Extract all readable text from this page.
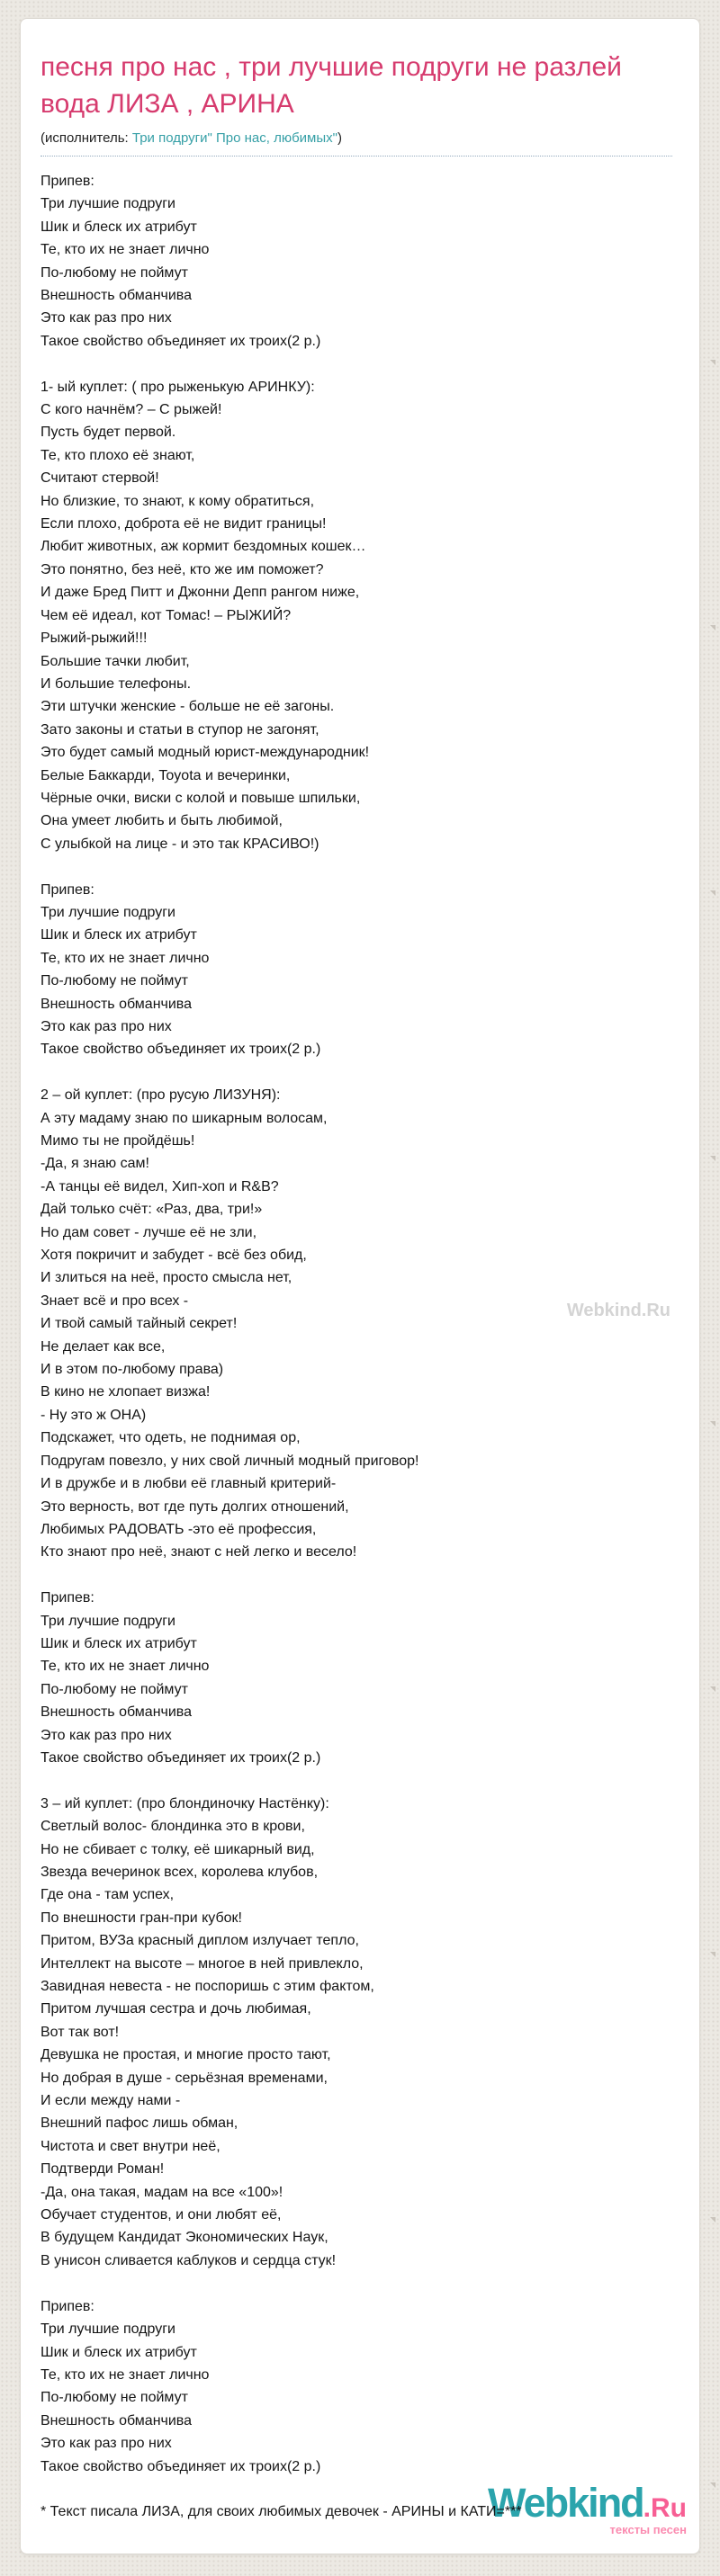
песня про нас , три лучшие подруги не разлей вода ЛИЗА , АРИНА
(исполнитель: Три подруги" Про нас, любимых")
Припев:
Три лучшие подруги
Шик и блеск их атрибут
Те, кто их не знает лично
По-любому не поймут
Внешность обманчива
Это как раз про них
Такое свойство объединяет их троих(2 р.)
1- ый куплет: ( про рыженькую АРИНКУ):
С кого начнём? – С рыжей!
Пусть будет первой.
Те, кто плохо её знают,
Считают стервой!
Но близкие, то знают, к кому обратиться,
Если плохо, доброта её не видит границы!
Любит животных, аж кормит бездомных кошек…
Это понятно, без неё, кто же им поможет?
И даже Бред Питт и Джонни Депп рангом ниже,
Чем её идеал, кот Томас! – РЫЖИЙ?
Рыжий-рыжий!!!
Большие тачки любит,
И большие телефоны.
Эти штучки женские - больше не её загоны.
Зато законы и статьи в ступор не загонят,
Это будет самый модный юрист-международник!
Белые Баккарди, Toyota и вечеринки,
Чёрные очки, виски с колой и повыше шпильки,
Она умеет любить и быть любимой,
С улыбкой на лице - и это так КРАСИВО!)
Припев:
Три лучшие подруги
Шик и блеск их атрибут
Те, кто их не знает лично
По-любому не поймут
Внешность обманчива
Это как раз про них
Такое свойство объединяет их троих(2 р.)
2 – ой куплет: (про русую ЛИЗУНЯ):
А эту мадаму знаю по шикарным волосам,
Мимо ты не пройдёшь!
-Да, я знаю сам!
-А танцы её видел, Хип-хоп и R&B?
Дай только счёт: «Раз, два, три!»
Но дам совет - лучше её не зли,
Хотя покричит и забудет - всё без обид,
И злиться на неё, просто смысла нет,
Знает всё и про всех -
И твой самый тайный секрет!
Не делает как все,
И в этом по-любому права)
В кино не хлопает визжа!
- Ну это ж ОНА)
Подскажет, что одеть, не поднимая ор,
Подругам повезло, у них свой личный модный приговор!
И в дружбе и в любви её главный критерий-
Это верность, вот где путь долгих отношений,
Любимых РАДОВАТЬ -это её профессия,
Кто знают про неё, знают с ней легко и весело!
Припев:
Три лучшие подруги
Шик и блеск их атрибут
Те, кто их не знает лично
По-любому не поймут
Внешность обманчива
Это как раз про них
Такое свойство объединяет их троих(2 р.)
3 – ий куплет: (про блондиночку Настёнку):
Светлый волос- блондинка это в крови,
Но не сбивает с толку, её шикарный вид,
Звезда вечеринок всех, королева клубов,
Где она - там успех,
По внешности гран-при кубок!
Притом, ВУЗа красный диплом излучает тепло,
Интеллект на высоте – многое в ней привлекло,
Завидная невеста - не поспоришь с этим фактом,
Притом лучшая сестра и дочь любимая,
Вот так вот!
Девушка не простая, и многие просто тают,
Но добрая в душе - серьёзная временами,
И если между нами -
Внешний пафос лишь обман,
Чистота и свет внутри неё,
Подтверди Роман!
-Да, она такая, мадам на все «100»!
Обучает студентов, и они любят её,
В будущем Кандидат Экономических Наук,
В унисон сливается каблуков и сердца стук!
Припев:
Три лучшие подруги
Шик и блеск их атрибут
Те, кто их не знает лично
По-любому не поймут
Внешность обманчива
Это как раз про них
Такое свойство объединяет их троих(2 р.)
* Текст писала ЛИЗА, для своих любимых девочек - АРИНЫ и КАТИ=***
Webkind.Ru
Webkind.Ru
тексты песен
